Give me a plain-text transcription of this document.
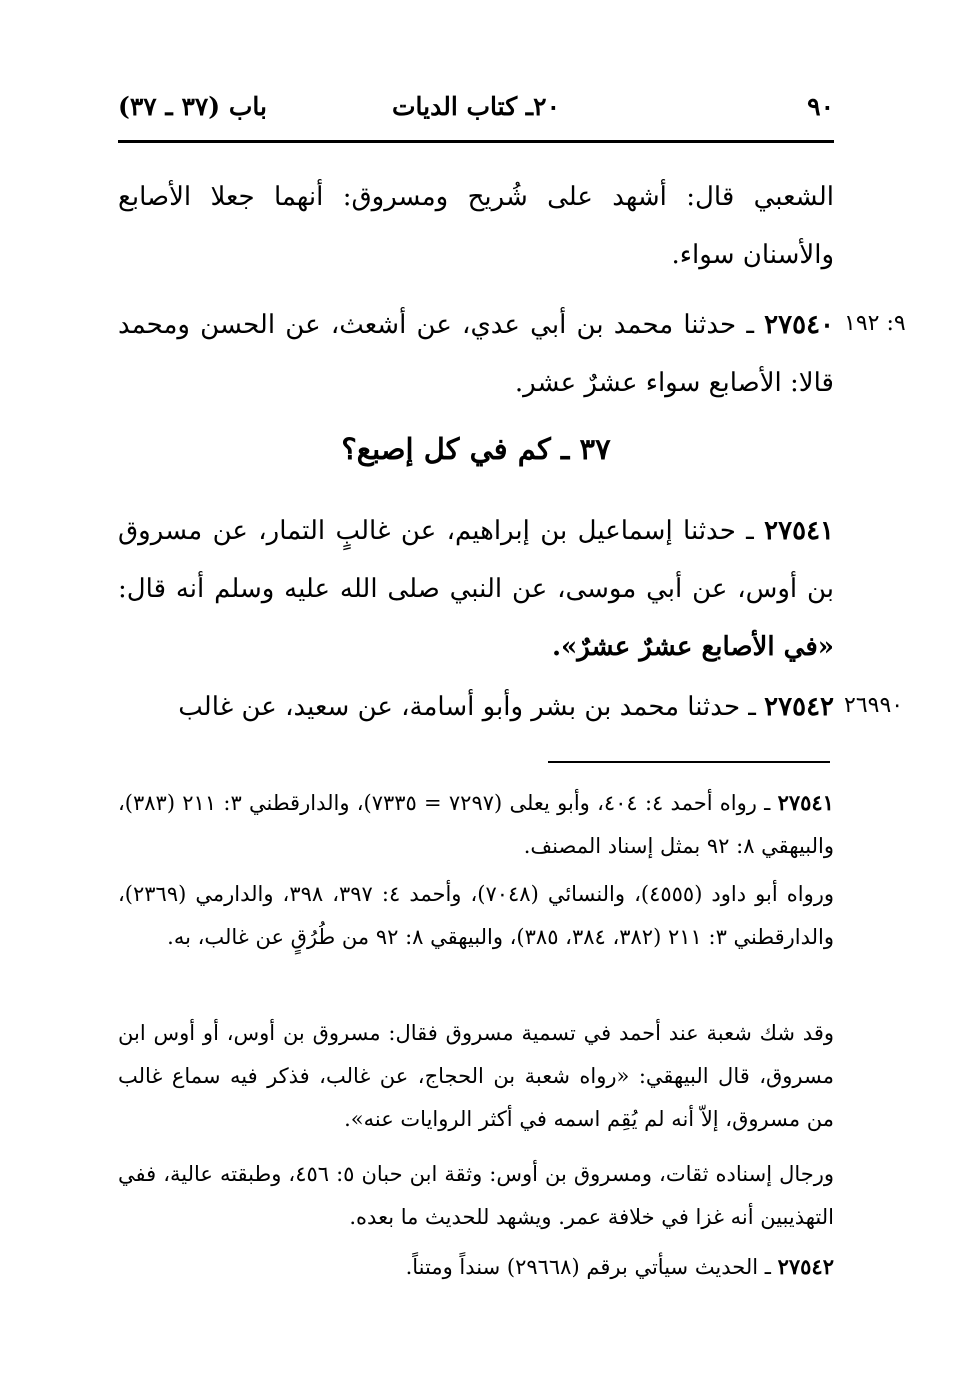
٩٠
٢٠ـ كتاب الديات
باب (٣٧ ـ ٣٧)
الشعبي قال: أشهد على شُريح ومسروق: أنهما جعلا الأصابع والأسنان سواء.
٩: ١٩٢
٢٧٥٤٠ ـ حدثنا محمد بن أبي عدي، عن أشعث، عن الحسن ومحمد قالا: الأصابع سواء عشرٌ عشر.
٣٧ ـ كم في كل إصبع؟
٢٧٥٤١ ـ حدثنا إسماعيل بن إبراهيم، عن غالبٍ التمار، عن مسروق بن أوس، عن أبي موسى، عن النبي صلى الله عليه وسلم أنه قال: «في الأصابع عشرٌ عشرٌ».
٢٦٩٩٠
٢٧٥٤٢ ـ حدثنا محمد بن بشر وأبو أسامة، عن سعيد، عن غالب
٢٧٥٤١ ـ رواه أحمد ٤: ٤٠٤، وأبو يعلى (٧٢٩٧ = ٧٣٣٥)، والدارقطني ٣: ٢١١ (٣٨٣)، والبيهقي ٨: ٩٢ بمثل إسناد المصنف.
ورواه أبو داود (٤٥٥٥)، والنسائي (٧٠٤٨)، وأحمد ٤: ٣٩٧، ٣٩٨، والدارمي (٢٣٦٩)، والدارقطني ٣: ٢١١ (٣٨٢، ٣٨٤، ٣٨٥)، والبيهقي ٨: ٩٢ من طُرُقٍ عن غالب، به.
وقد شك شعبة عند أحمد في تسمية مسروق فقال: مسروق بن أوس، أو أوس ابن مسروق، قال البيهقي: «رواه شعبة بن الحجاج، عن غالب، فذكر فيه سماع غالب من مسروق، إلاّ أنه لم يُقِم اسمه في أكثر الروايات عنه».
ورجال إسناده ثقات، ومسروق بن أوس: وثقة ابن حبان ٥: ٤٥٦، وطبقته عالية، ففي التهذيبين أنه غزا في خلافة عمر. ويشهد للحديث ما بعده.
٢٧٥٤٢ ـ الحديث سيأتي برقم (٢٩٦٦٨) سنداً ومتناً.
